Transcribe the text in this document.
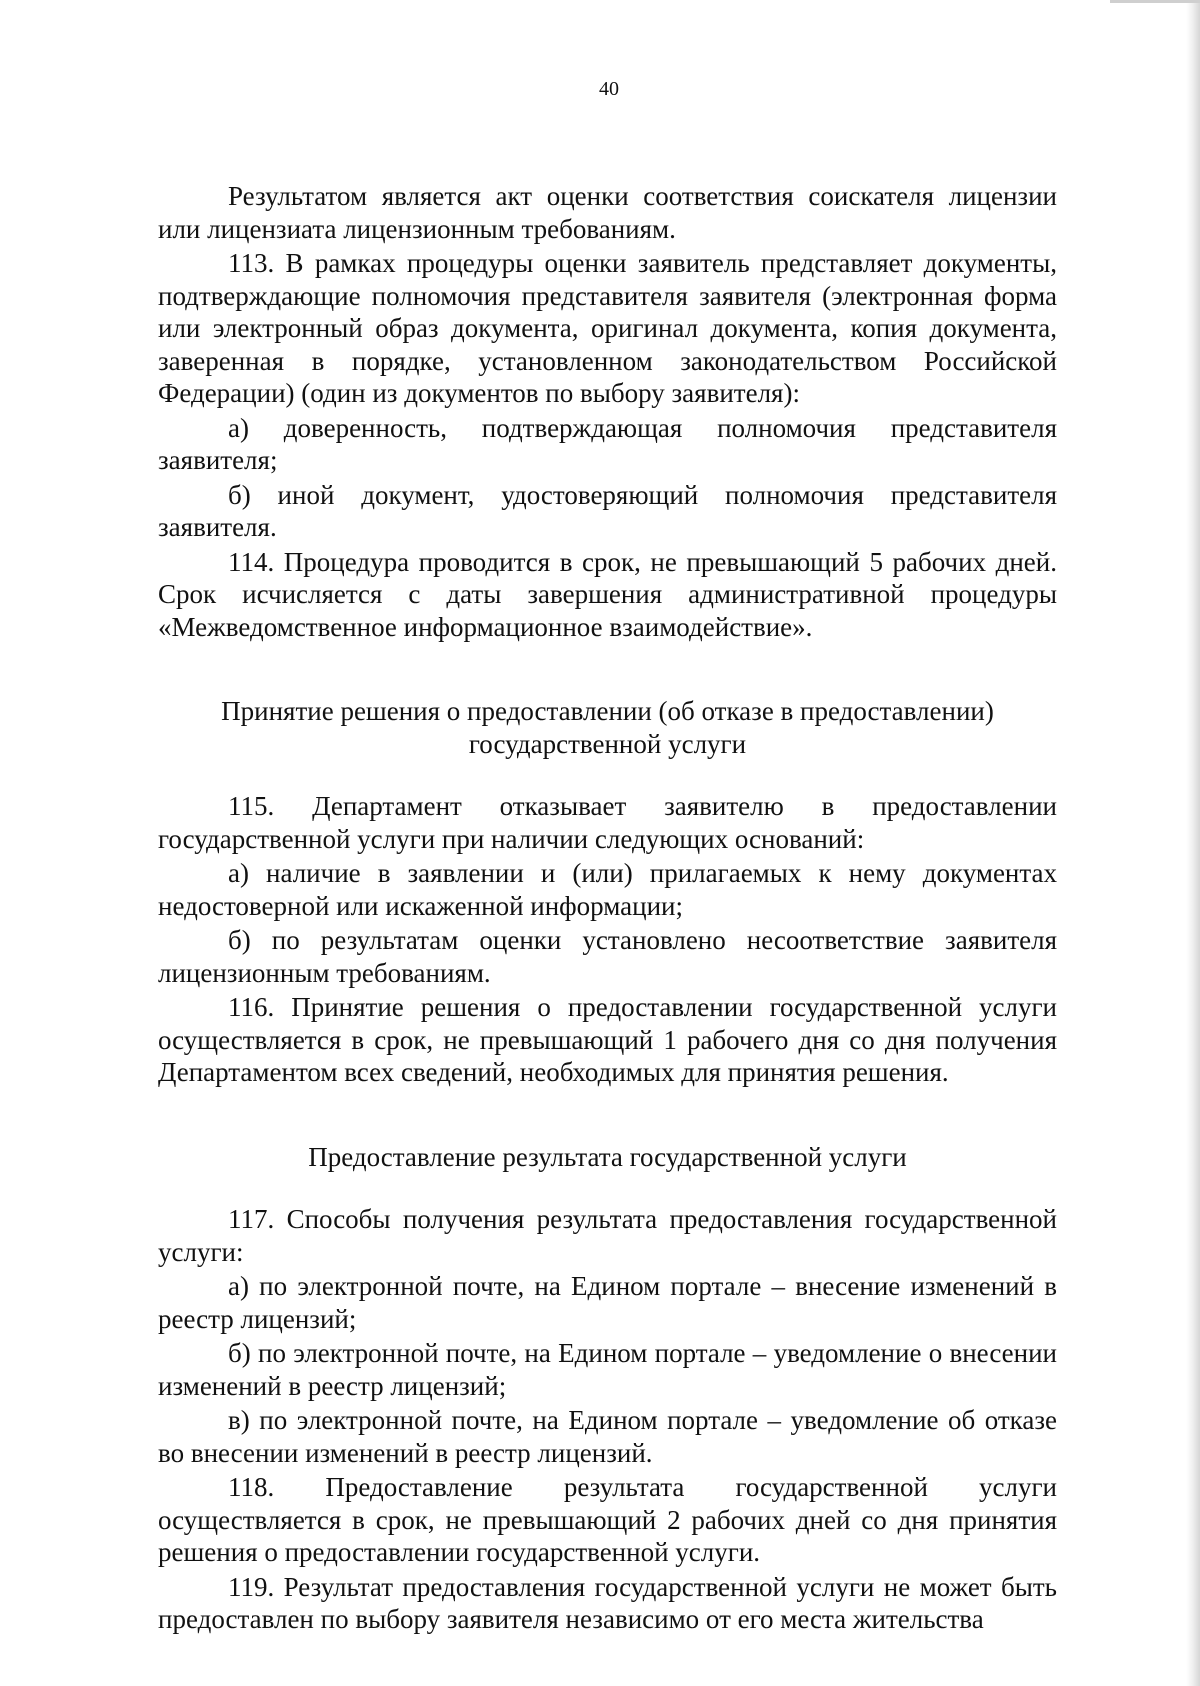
40

Результатом является акт оценки соответствия соискателя лицензии или лицензиата лицензионным требованиям.

113. В рамках процедуры оценки заявитель представляет документы, подтверждающие полномочия представителя заявителя (электронная форма или электронный образ документа, оригинал документа, копия документа, заверенная в порядке, установленном законодательством Российской Федерации) (один из документов по выбору заявителя):

а) доверенность, подтверждающая полномочия представителя заявителя;

б) иной документ, удостоверяющий полномочия представителя заявителя.

114. Процедура проводится в срок, не превышающий 5 рабочих дней. Срок исчисляется с даты завершения административной процедуры «Межведомственное информационное взаимодействие».

Принятие решения о предоставлении (об отказе в предоставлении)
государственной услуги

115. Департамент отказывает заявителю в предоставлении государственной услуги при наличии следующих оснований:

а) наличие в заявлении и (или) прилагаемых к нему документах недостоверной или искаженной информации;

б) по результатам оценки установлено несоответствие заявителя лицензионным требованиям.

116. Принятие решения о предоставлении государственной услуги осуществляется в срок, не превышающий 1 рабочего дня со дня получения Департаментом всех сведений, необходимых для принятия решения.

Предоставление результата государственной услуги

117. Способы получения результата предоставления государственной услуги:

а) по электронной почте, на Едином портале – внесение изменений в реестр лицензий;

б) по электронной почте, на Едином портале – уведомление о внесении изменений в реестр лицензий;

в) по электронной почте, на Едином портале – уведомление об отказе во внесении изменений в реестр лицензий.

118. Предоставление результата государственной услуги осуществляется в срок, не превышающий 2 рабочих дней со дня принятия решения о предоставлении государственной услуги.

119. Результат предоставления государственной услуги не может быть предоставлен по выбору заявителя независимо от его места жительства
